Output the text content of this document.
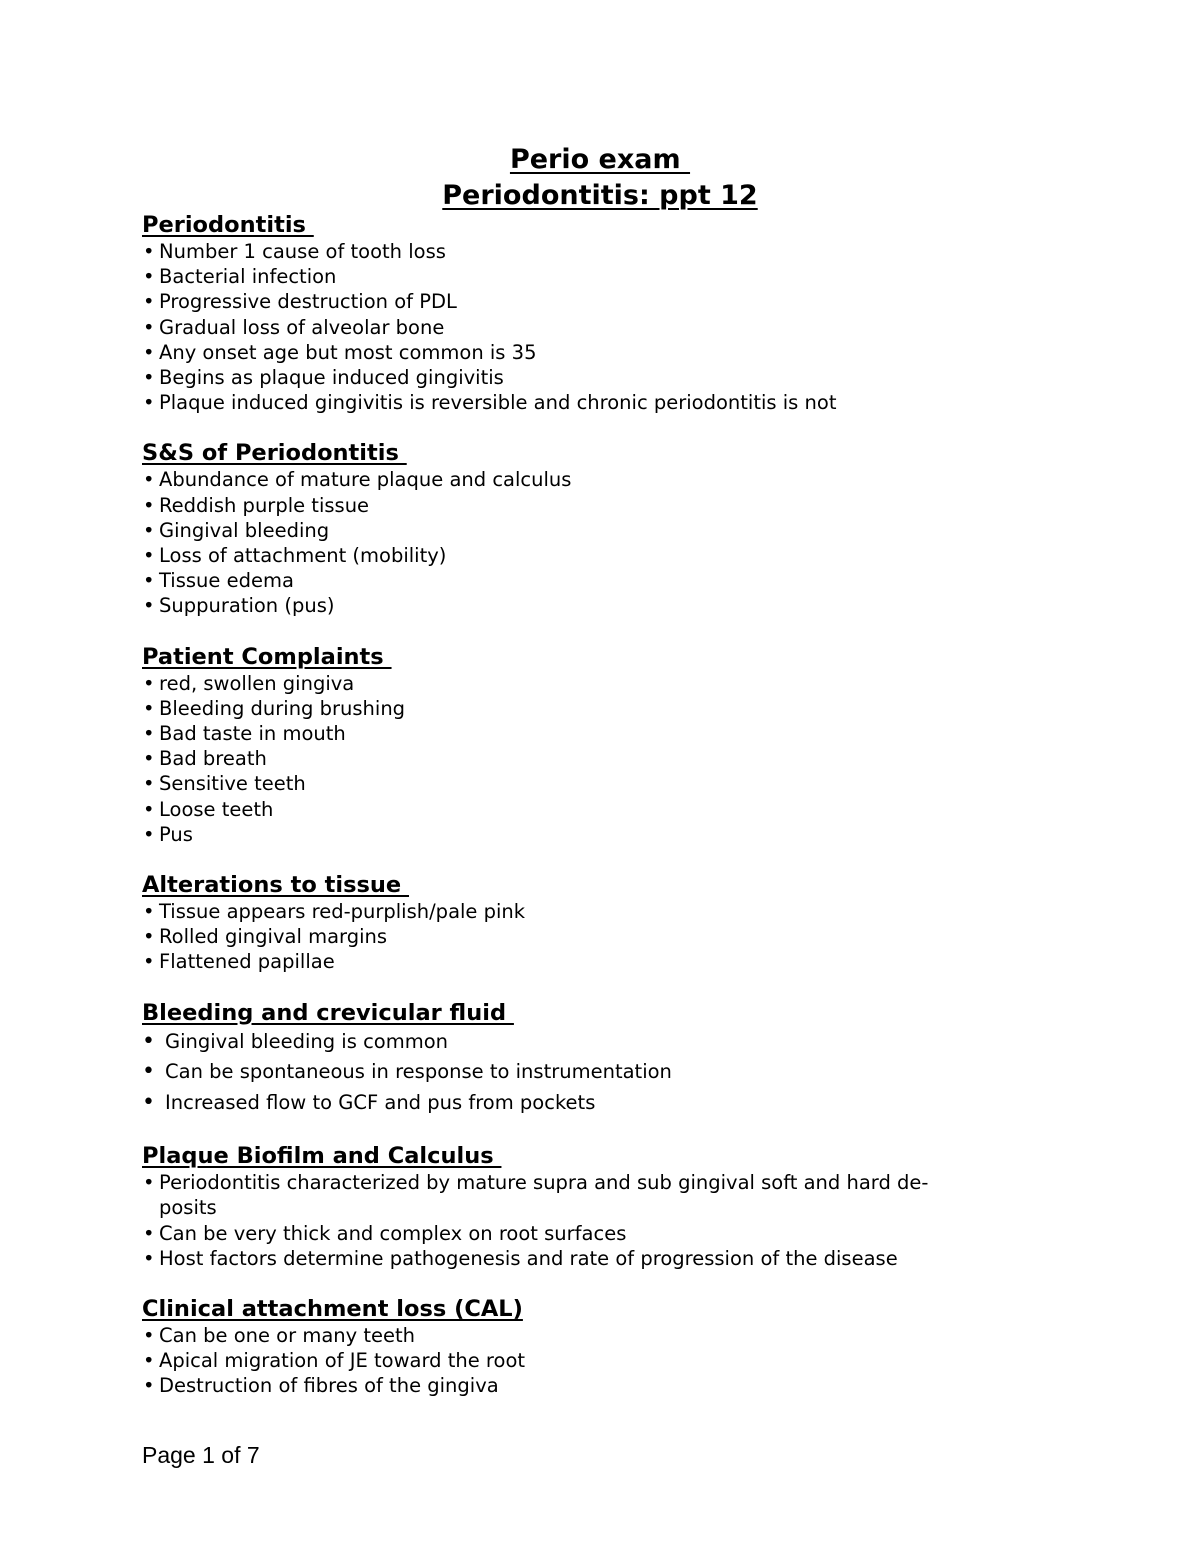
Perio exam
Periodontitis: ppt 12
Periodontitis
• Number 1 cause of tooth loss
• Bacterial infection
• Progressive destruction of PDL
• Gradual loss of alveolar bone
• Any onset age but most common is 35
• Begins as plaque induced gingivitis
• Plaque induced gingivitis is reversible and chronic periodontitis is not
S&S of Periodontitis
• Abundance of mature plaque and calculus
• Reddish purple tissue
• Gingival bleeding
• Loss of attachment (mobility)
• Tissue edema
• Suppuration (pus)
Patient Complaints
• red, swollen gingiva
• Bleeding during brushing
• Bad taste in mouth
• Bad breath
• Sensitive teeth
• Loose teeth
• Pus
Alterations to tissue
• Tissue appears red-purplish/pale pink
• Rolled gingival margins
• Flattened papillae
Bleeding and crevicular fluid
• Gingival bleeding is common
• Can be spontaneous in response to instrumentation
• Increased flow to GCF and pus from pockets
Plaque Biofilm and Calculus
• Periodontitis characterized by mature supra and sub gingival soft and hard de-
posits
• Can be very thick and complex on root surfaces
• Host factors determine pathogenesis and rate of progression of the disease
Clinical attachment loss (CAL)
• Can be one or many teeth
• Apical migration of JE toward the root
• Destruction of fibres of the gingiva
Page 1 of 7
